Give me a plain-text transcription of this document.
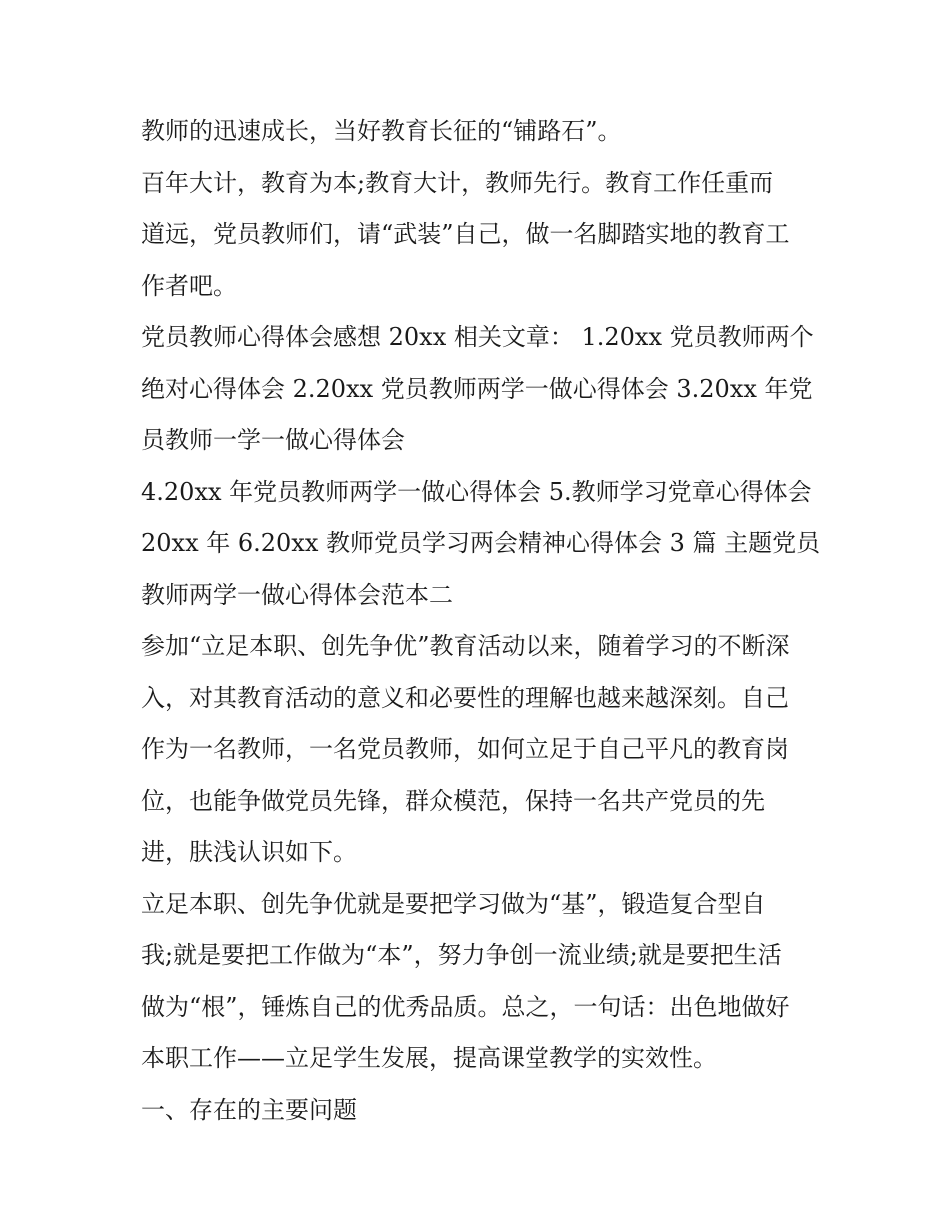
教师的迅速成长，当好教育长征的“铺路石”。

百年大计，教育为本;教育大计，教师先行。教育工作任重而
道远，党员教师们，请“武装”自己，做一名脚踏实地的教育工
作者吧。

党员教师心得体会感想 20xx 相关文章： 1.20xx 党员教师两个
绝对心得体会 2.20xx 党员教师两学一做心得体会 3.20xx 年党
员教师一学一做心得体会

4.20xx 年党员教师两学一做心得体会 5.教师学习党章心得体会
20xx 年 6.20xx 教师党员学习两会精神心得体会 3 篇 主题党员
教师两学一做心得体会范本二

参加“立足本职、创先争优”教育活动以来，随着学习的不断深
入，对其教育活动的意义和必要性的理解也越来越深刻。自己
作为一名教师，一名党员教师，如何立足于自己平凡的教育岗
位，也能争做党员先锋，群众模范，保持一名共产党员的先
进，肤浅认识如下。

立足本职、创先争优就是要把学习做为“基”，锻造复合型自
我;就是要把工作做为“本”，努力争创一流业绩;就是要把生活
做为“根”，锤炼自己的优秀品质。总之，一句话：出色地做好
本职工作——立足学生发展，提高课堂教学的实效性。

一、存在的主要问题
